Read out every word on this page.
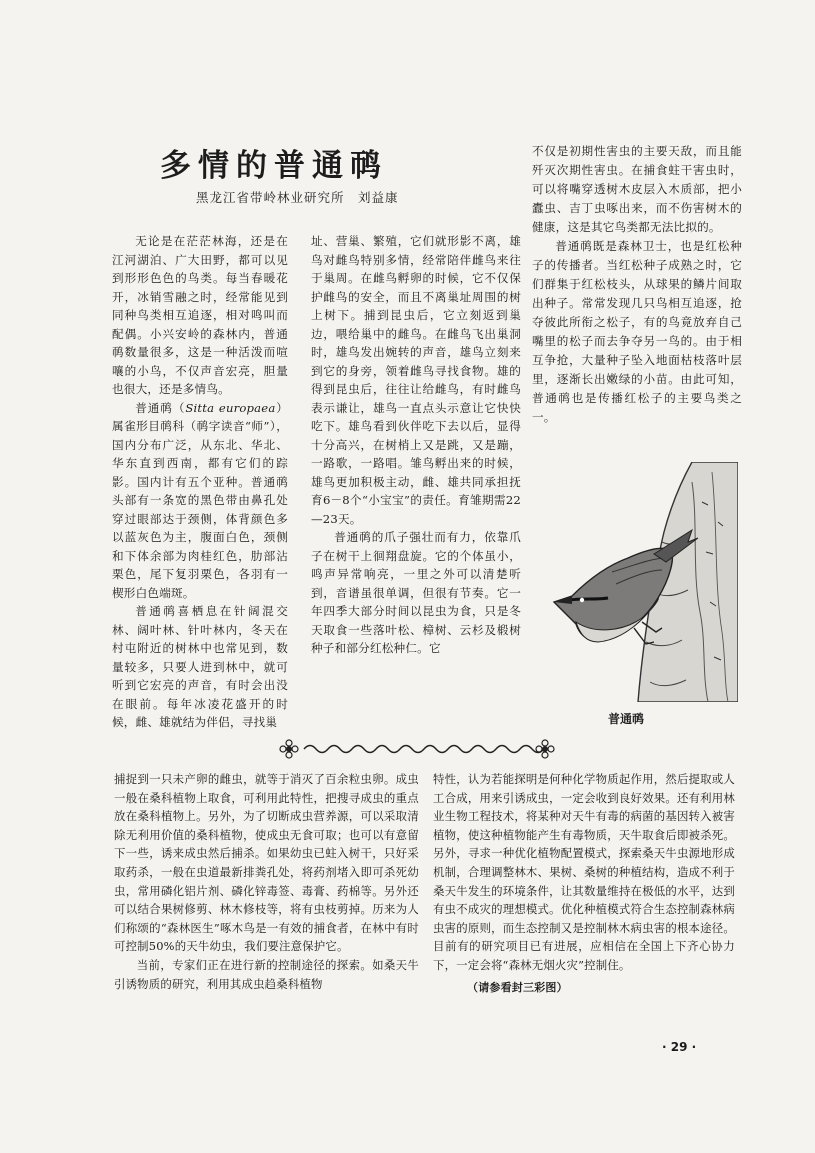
多情的普通䴓

黑龙江省带岭林业研究所　刘益康

无论是在茫茫林海，还是在江河湖泊、广大田野，都可以见到形形色色的鸟类。每当春暖花开，冰销雪融之时，经常能见到同种鸟类相互追逐，相对鸣叫而配偶。小兴安岭的森林内，普通䴓数量很多，这是一种活泼而喧嚷的小鸟，不仅声音宏亮，胆量也很大，还是多情鸟。

普通䴓（Sitta europaea）属雀形目䴓科（䴓字读音“师”），国内分布广泛，从东北、华北、华东直到西南，都有它们的踪影。国内计有五个亚种。普通䴓头部有一条宽的黑色带由鼻孔处穿过眼部达于颈侧，体背颜色多以蓝灰色为主，腹面白色，颈侧和下体余部为肉桂红色，肋部沾栗色，尾下复羽栗色，各羽有一楔形白色端斑。

普通䴓喜栖息在针阔混交林、阔叶林、针叶林内，冬天在村屯附近的树林中也常见到，数量较多，只要人进到林中，就可听到它宏亮的声音，有时会出没在眼前。每年冰凌花盛开的时候，雌、雄就结为伴侣，寻找巢

址、营巢、繁殖，它们就形影不离，雄鸟对雌鸟特别多情，经常陪伴雌鸟来往于巢周。在雌鸟孵卵的时候，它不仅保护雌鸟的安全，而且不离巢址周围的树上树下。捕到昆虫后，它立刻返到巢边，喂给巢中的雌鸟。在雌鸟飞出巢洞时，雄鸟发出婉转的声音，雄鸟立刻来到它的身旁，领着雌鸟寻找食物。雄的得到昆虫后，往往让给雌鸟，有时雌鸟表示谦让，雄鸟一直点头示意让它快快吃下。雄鸟看到伙伴吃下去以后，显得十分高兴，在树梢上又是跳，又是蹦，一路歌，一路唱。雏鸟孵出来的时候，雄鸟更加积极主动，雌、雄共同承担抚育6－8个“小宝宝”的责任。育雏期需22—23天。

普通䴓的爪子强壮而有力，依靠爪子在树干上徊翔盘旋。它的个体虽小，鸣声异常响亮，一里之外可以清楚听到，音谱虽很单调，但很有节奏。它一年四季大部分时间以昆虫为食，只是冬天取食一些落叶松、樟树、云杉及椴树种子和部分红松种仁。它

不仅是初期性害虫的主要天敌，而且能歼灭次期性害虫。在捕食蛀干害虫时，可以将嘴穿透树木皮层入木质部，把小蠹虫、吉丁虫啄出来，而不伤害树木的健康，这是其它鸟类都无法比拟的。

普通䴓既是森林卫士，也是红松种子的传播者。当红松种子成熟之时，它们群集于红松枝头，从球果的鳞片间取出种子。常常发现几只鸟相互追逐，抢夺彼此所衔之松子，有的鸟竟放弃自己嘴里的松子而去争夺另一鸟的。由于相互争抢，大量种子坠入地面枯枝落叶层里，逐渐长出嫩绿的小苗。由此可知，普通䴓也是传播红松子的主要鸟类之一。

普通䴓

捕捉到一只未产卵的雌虫，就等于消灭了百余粒虫卵。成虫一般在桑科植物上取食，可利用此特性，把搜寻成虫的重点放在桑科植物上。另外，为了切断成虫营养源，可以采取清除无利用价值的桑科植物，使成虫无食可取；也可以有意留下一些，诱来成虫然后捕杀。如果幼虫已蛀入树干，只好采取药杀，一般在虫道最新排粪孔处，将药剂堵入即可杀死幼虫，常用磷化铝片剂、磷化锌毒签、毒膏、药棉等。另外还可以结合果树修剪、林木修枝等，将有虫枝剪掉。历来为人们称颂的“森林医生”啄木鸟是一有效的捕食者，在林中有时可控制50%的天牛幼虫，我们要注意保护它。

当前，专家们正在进行新的控制途径的探索。如桑天牛引诱物质的研究，利用其成虫趋桑科植物

特性，认为若能探明是何种化学物质起作用，然后提取或人工合成，用来引诱成虫，一定会收到良好效果。还有利用林业生物工程技术，将某种对天牛有毒的病菌的基因转入被害植物，使这种植物能产生有毒物质，天牛取食后即被杀死。另外，寻求一种优化植物配置模式，探索桑天牛虫源地形成机制，合理调整林木、果树、桑树的种植结构，造成不利于桑天牛发生的环境条件，让其数量维持在极低的水平，达到有虫不成灾的理想模式。优化种植模式符合生态控制森林病虫害的原则，而生态控制又是控制林木病虫害的根本途径。目前有的研究项目已有进展，应相信在全国上下齐心协力下，一定会将“森林无烟火灾”控制住。

（请参看封三彩图）

· 29 ·
